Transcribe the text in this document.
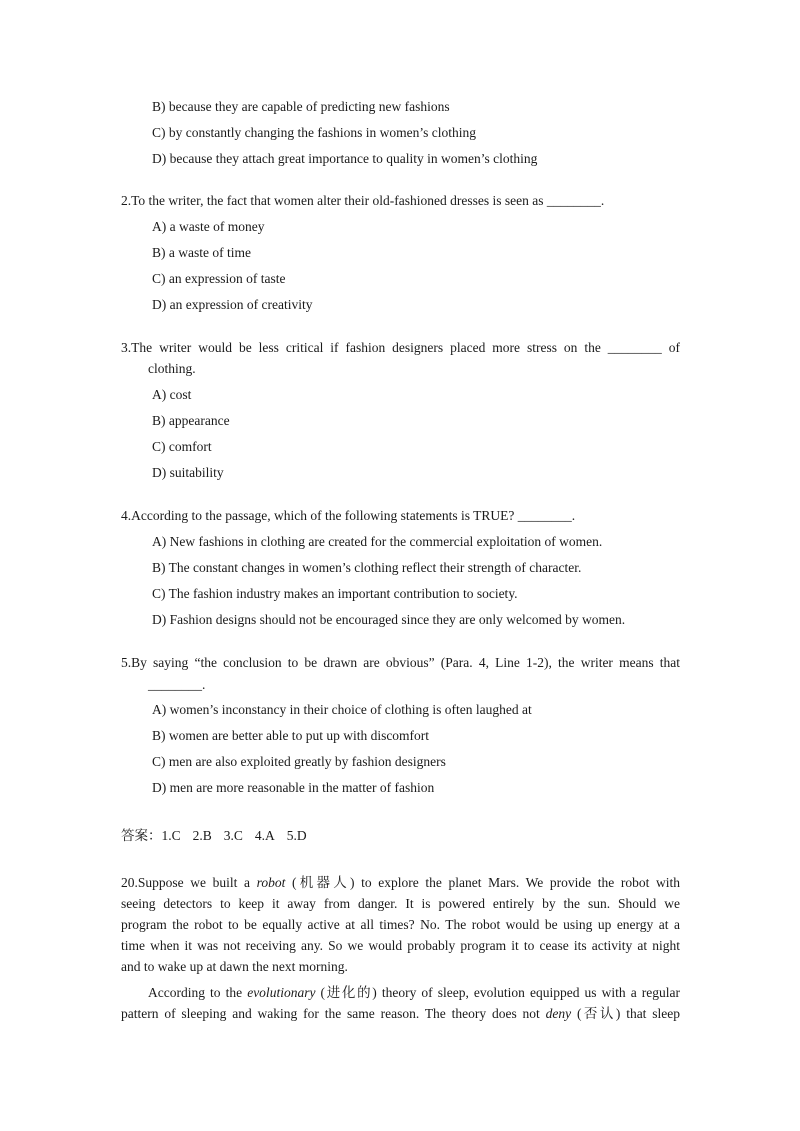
B) because they are capable of predicting new fashions
C) by constantly changing the fashions in women’s clothing
D) because they attach great importance to quality in women’s clothing
2.To the writer, the fact that women alter their old-fashioned dresses is seen as ________.
A) a waste of money
B) a waste of time
C) an expression of taste
D) an expression of creativity
3.The writer would be less critical if fashion designers placed more stress on the ________ of
clothing.
A) cost
B) appearance
C) comfort
D) suitability
4.According to the passage, which of the following statements is TRUE? ________.
A) New fashions in clothing are created for the commercial exploitation of women.
B) The constant changes in women’s clothing reflect their strength of character.
C) The fashion industry makes an important contribution to society.
D) Fashion designs should not be encouraged since they are only welcomed by women.
5.By saying “the conclusion to be drawn are obvious” (Para. 4, Line 1-2), the writer means that
________.
A) women’s inconstancy in their choice of clothing is often laughed at
B) women are better able to put up with discomfort
C) men are also exploited greatly by fashion designers
D) men are more reasonable in the matter of fashion
答案：1.C 2.B 3.C 4.A 5.D
20.Suppose we built a robot (机器人) to explore the planet Mars. We provide the robot with
seeing detectors to keep it away from danger. It is powered entirely by the sun. Should we
program the robot to be equally active at all times? No. The robot would be using up energy at a
time when it was not receiving any. So we would probably program it to cease its activity at night
and to wake up at dawn the next morning.
According to the evolutionary (进化的) theory of sleep, evolution equipped us with a regular
pattern of sleeping and waking for the same reason. The theory does not deny (否认) that sleep
